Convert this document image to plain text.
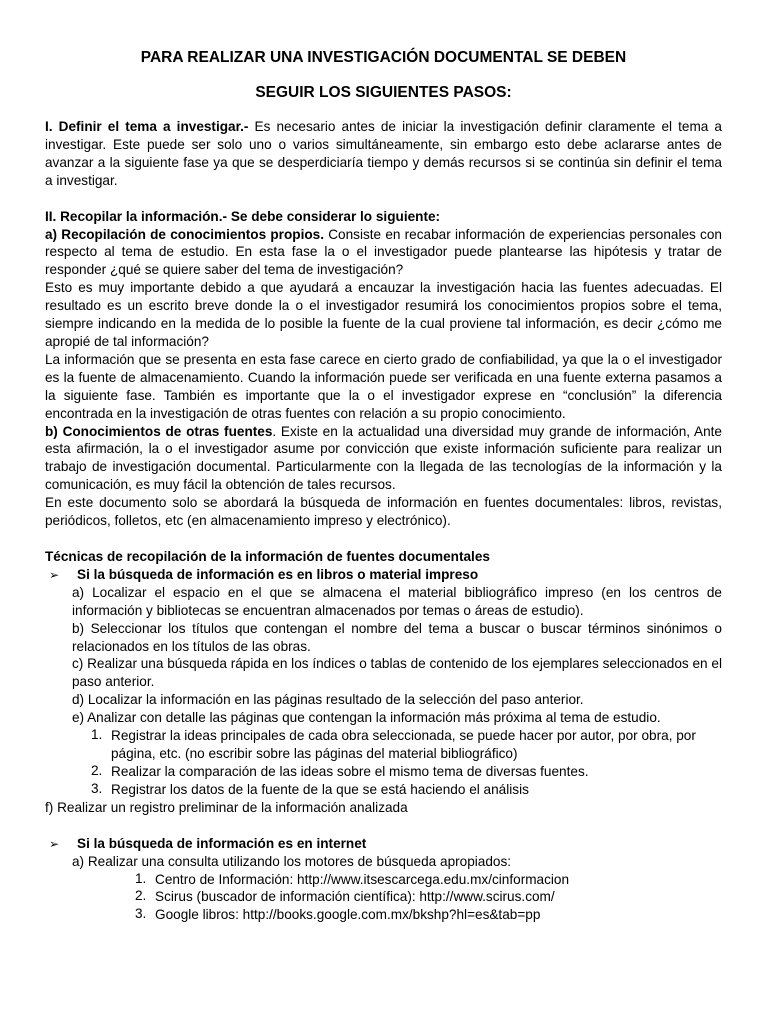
PARA REALIZAR UNA INVESTIGACIÓN DOCUMENTAL SE DEBEN
SEGUIR LOS SIGUIENTES PASOS:

I. Definir el tema a investigar.- Es necesario antes de iniciar la investigación definir claramente el tema a investigar. Este puede ser solo uno o varios simultáneamente, sin embargo esto debe aclararse antes de avanzar a la siguiente fase ya que se desperdiciaría tiempo y demás recursos si se continúa sin definir el tema a investigar.

II. Recopilar la información.- Se debe considerar lo siguiente:

a) Recopilación de conocimientos propios. Consiste en recabar información de experiencias personales con respecto al tema de estudio. En esta fase la o el investigador puede plantearse las hipótesis y tratar de responder ¿qué se quiere saber del tema de investigación?

Esto es muy importante debido a que ayudará a encauzar la investigación hacia las fuentes adecuadas. El resultado es un escrito breve donde la o el investigador resumirá los conocimientos propios sobre el tema, siempre indicando en la medida de lo posible la fuente de la cual proviene tal información, es decir ¿cómo me apropié de tal información?

La información que se presenta en esta fase carece en cierto grado de confiabilidad, ya que la o el investigador es la fuente de almacenamiento. Cuando la información puede ser verificada en una fuente externa pasamos a la siguiente fase. También es importante que la o el investigador exprese en “conclusión” la diferencia encontrada en la investigación de otras fuentes con relación a su propio conocimiento.

b) Conocimientos de otras fuentes. Existe en la actualidad una diversidad muy grande de información, Ante esta afirmación, la o el investigador asume por convicción que existe información suficiente para realizar un trabajo de investigación documental. Particularmente con la llegada de las tecnologías de la información y la comunicación, es muy fácil la obtención de tales recursos.

En este documento solo se abordará la búsqueda de información en fuentes documentales: libros, revistas, periódicos, folletos, etc (en almacenamiento impreso y electrónico).

Técnicas de recopilación de la información de fuentes documentales

➢	Si la búsqueda de información es en libros o material impreso

a) Localizar el espacio en el que se almacena el material bibliográfico impreso (en los centros de información y bibliotecas se encuentran almacenados por temas o áreas de estudio).

b) Seleccionar los títulos que contengan el nombre del tema a buscar o buscar términos sinónimos o relacionados en los títulos de las obras.

c) Realizar una búsqueda rápida en los índices o tablas de contenido de los ejemplares seleccionados en el paso anterior.

d) Localizar la información en las páginas resultado de la selección del paso anterior.

e) Analizar con detalle las páginas que contengan la información más próxima al tema de estudio.

1. Registrar la ideas principales de cada obra seleccionada, se puede hacer por autor, por obra, por página, etc. (no escribir sobre las páginas del material bibliográfico)

2. Realizar la comparación de las ideas sobre el mismo tema de diversas fuentes.

3. Registrar los datos de la fuente de la que se está haciendo el análisis

f) Realizar un registro preliminar de la información analizada

➢	Si la búsqueda de información es en internet

a) Realizar una consulta utilizando los motores de búsqueda apropiados:

1. Centro de Información: http://www.itsescarcega.edu.mx/cinformacion

2. Scirus (buscador de información científica): http://www.scirus.com/

3. Google libros: http://books.google.com.mx/bkshp?hl=es&tab=pp
